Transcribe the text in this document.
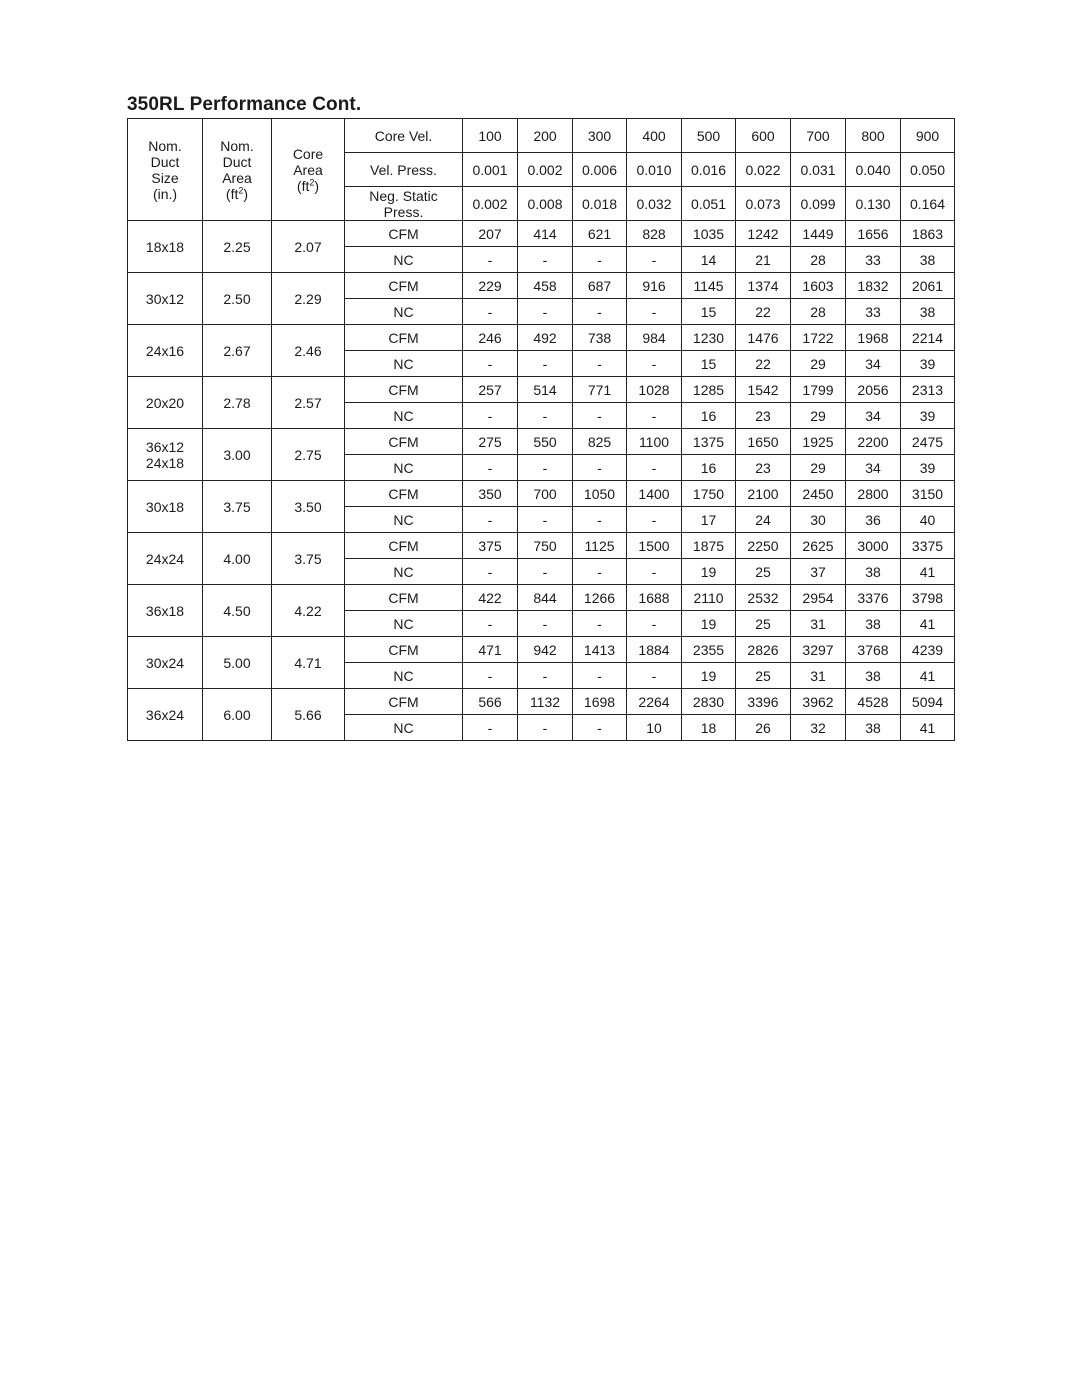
350RL Performance Cont.
Nom.
Duct
Size
(in.)	Nom.
Duct
Area
$(ft^2)$	Core
Area
$(ft^2)$	Core Vel.	100	200	300	400	500	600	700	800	900
			Vel. Press.	0.001	0.002	0.006	0.010	0.016	0.022	0.031	0.040	0.050

			Neg. Static
Press.	0.002	0.008	0.018	0.032	0.051	0.073	0.099	0.130	0.164

18x18	2.25	2.07	CFM	207	414	621	828	1035	1242	1449	1656	1863
			NC	-	-	-	-	14	21	28	33	38

30x12	2.50	2.29	CFM	229	458	687	916	1145	1374	1603	1832	2061
			NC	-	-	-	-	15	22	28	33	38

24x16	2.67	2.46	CFM	246	492	738	984	1230	1476	1722	1968	2214
			NC	-	-	-	-	15	22	29	34	39

20x20	2.78	2.57	CFM	257	514	771	1028	1285	1542	1799	2056	2313
			NC	-	-	-	-	16	23	29	34	39

36x12
24x18	3.00	2.75	CFM	275	550	825	1100	1375	1650	1925	2200	2475
			NC	-	-	-	-	16	23	29	34	39

30x18	3.75	3.50	CFM	350	700	1050	1400	1750	2100	2450	2800	3150
			NC	-	-	-	-	17	24	30	36	40

24x24	4.00	3.75	CFM	375	750	1125	1500	1875	2250	2625	3000	3375
			NC	-	-	-	-	19	25	37	38	41

36x18	4.50	4.22	CFM	422	844	1266	1688	2110	2532	2954	3376	3798
			NC	-	-	-	-	19	25	31	38	41

30x24	5.00	4.71	CFM	471	942	1413	1884	2355	2826	3297	3768	4239
			NC	-	-	-	-	19	25	31	38	41

36x24	6.00	5.66	CFM	566	1132	1698	2264	2830	3396	3962	4528	5094
			NC	-	-	-	10	18	26	32	38	41
